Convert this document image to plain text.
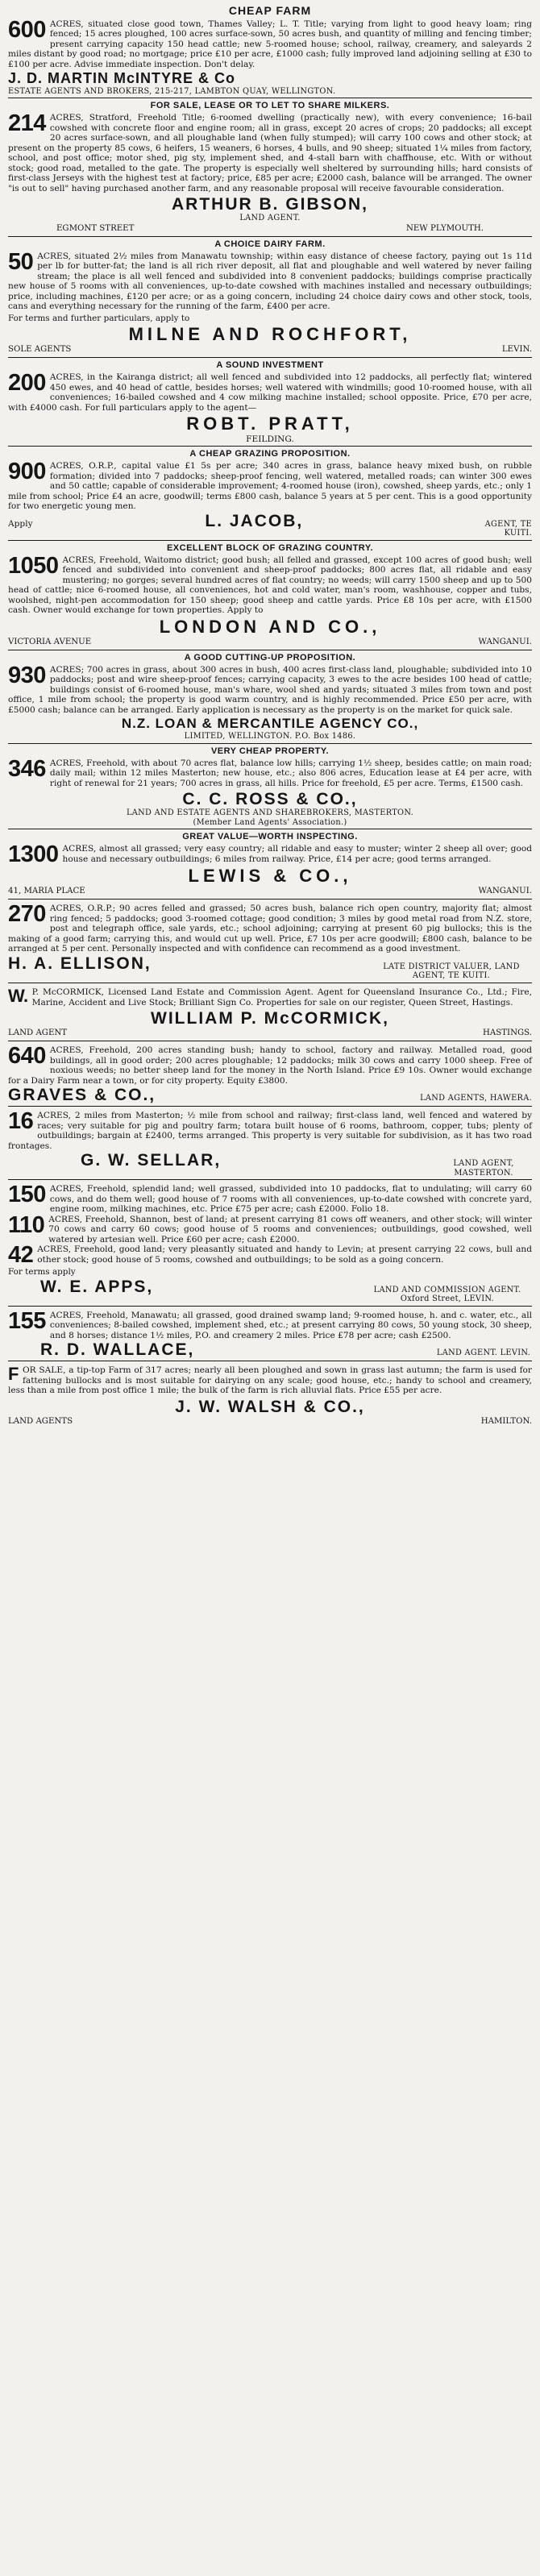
CHEAP FARM

600 ACRES, situated close good town, Thames Valley; L. T. Title; varying from light to good heavy loam; ring fenced; 15 acres ploughed, 100 acres surface-sown, 50 acres bush, and quantity of milling and fencing timber; present carrying capacity 150 head cattle; new 5-roomed house; school, railway, creamery, and saleyards 2 miles distant by good road; no mortgage; price £10 per acre, £1000 cash; fully improved land adjoining selling at £30 to £100 per acre. Advise immediate inspection. Don't delay.

J. D. MARTIN McINTYRE & Co
ESTATE AGENTS AND BROKERS, 215-217, LAMBTON QUAY, WELLINGTON.
FOR SALE, LEASE OR TO LET TO SHARE MILKERS.

214 ACRES, Stratford, Freehold Title; 6-roomed dwelling (practically new), with every convenience; 16-bail cowshed with concrete floor and engine room; all in grass, except 20 acres of crops; 20 paddocks; all except 20 acres surface-sown, and all ploughable land (when fully stumped); will carry 100 cows and other stock; at present on the property 85 cows, 6 heifers, 15 weaners, 6 horses, 4 bulls, and 90 sheep; situated 1¼ miles from factory, school, and post office; motor shed, pig sty, implement shed, and 4-stall barn with chaffhouse, etc. With or without stock; good road, metalled to the gate. The property is especially well sheltered by surrounding hills; hard consists of first-class Jerseys with the highest test at factory; price, £85 per acre; £2000 cash, balance will be arranged. The owner "is out to sell" having purchased another farm, and any reasonable proposal will receive favourable consideration.

ARTHUR B. GIBSON,
LAND AGENT.
EGMONT STREET	NEW PLYMOUTH.
A CHOICE DAIRY FARM.

50 ACRES, situated 2½ miles from Manawatu township; within easy distance of cheese factory, paying out 1s 11d per lb for butter-fat; the land is all rich river deposit, all flat and ploughable and well watered by never failing stream; the place is all well fenced and subdivided into 8 convenient paddocks; buildings comprise practically new house of 5 rooms with all conveniences, up-to-date cowshed with machines installed and necessary outbuildings; price, including machines, £120 per acre; or as a going concern, including 24 choice dairy cows and other stock, tools, cans and everything necessary for the running of the farm, £400 per acre.

For terms and further particulars, apply to
MILNE AND ROCHFORT,
SOLE AGENTS	LEVIN.
A SOUND INVESTMENT

200 ACRES, in the Kairanga district; all well fenced and subdivided into 12 paddocks, all perfectly flat; wintered 450 ewes, and 40 head of cattle, besides horses; well watered with windmills; good 10-roomed house, with all conveniences; 16-bailed cowshed and 4 cow milking machine installed; school opposite. Price, £70 per acre, with £4000 cash. For full particulars apply to the agent—

ROBT. PRATT,
FEILDING.
A CHEAP GRAZING PROPOSITION.

900 ACRES, O.R.P., capital value £1 5s per acre; 340 acres in grass, balance heavy mixed bush, on rubble formation; divided into 7 paddocks; sheep-proof fencing, well watered, metalled roads; can winter 300 ewes and 50 cattle; capable of considerable improvement; 4-roomed house (iron), cowshed, sheep yards, etc.; only 1 mile from school; Price £4 an acre, goodwill; terms £800 cash, balance 5 years at 5 per cent. This is a good opportunity for two energetic young men.

Apply	L. JACOB,	AGENT, TE KUITI.
EXCELLENT BLOCK OF GRAZING COUNTRY.

1050 ACRES, Freehold, Waitomo district; good bush; all felled and grassed, except 100 acres of good bush; well fenced and subdivided into convenient and sheep-proof paddocks; 800 acres flat, all ridable and easy mustering; no gorges; several hundred acres of flat country; no weeds; will carry 1500 sheep and up to 500 head of cattle; nice 6-roomed house, all conveniences, hot and cold water, man's room, washhouse, copper and tubs, woolshed, night-pen accommodation for 150 sheep; good sheep and cattle yards. Price £8 10s per acre, with £1500 cash. Owner would exchange for town properties. Apply to

LONDON AND CO.,
VICTORIA AVENUE	WANGANUI.
A GOOD CUTTING-UP PROPOSITION.

930 ACRES; 700 acres in grass, about 300 acres in bush, 400 acres first-class land, ploughable; subdivided into 10 paddocks; post and wire sheep-proof fences; carrying capacity, 3 ewes to the acre besides 100 head of cattle; buildings consist of 6-roomed house, man's whare, wool shed and yards; situated 3 miles from town and post office, 1 mile from school; the property is good warm country, and is highly recommended. Price £50 per acre, with £5000 cash; balance can be arranged. Early application is necessary as the property is on the market for quick sale.

N.Z. LOAN & MERCANTILE AGENCY CO.,
LIMITED, WELLINGTON. P.O. Box 1486.
VERY CHEAP PROPERTY.

346 ACRES, Freehold, with about 70 acres flat, balance low hills; carrying 1½ sheep, besides cattle; on main road; daily mail; within 12 miles Masterton; new house, etc.; also 806 acres, Education lease at £4 per acre, with right of renewal for 21 years; 700 acres in grass, all hills. Price for freehold, £5 per acre. Terms, £1500 cash.

C. C. ROSS & CO.,
LAND AND ESTATE AGENTS AND SHAREBROKERS, MASTERTON.
(Member Land Agents' Association.)
GREAT VALUE—WORTH INSPECTING.

1300 ACRES, almost all grassed; very easy country; all ridable and easy to muster; winter 2 sheep all over; good house and necessary outbuildings; 6 miles from railway. Price, £14 per acre; good terms arranged.

LEWIS & CO.,
41, MARIA PLACE	WANGANUI.

270 ACRES, O.R.P.; 90 acres felled and grassed; 50 acres bush, balance rich open country, majority flat; almost ring fenced; 5 paddocks; good 3-roomed cottage; good condition; 3 miles by good metal road from N.Z. store, post and telegraph office, sale yards, etc.; school adjoining; carrying at present 60 pig bullocks; this is the making of a good farm; carrying this, and would cut up well. Price, £7 10s per acre goodwill; £800 cash, balance to be arranged at 5 per cent. Personally inspected and with confidence can recommend as a good investment.

H. A. ELLISON,	LATE DISTRICT VALUER, LAND AGENT, TE KUITI.

W. P. McCORMICK, Licensed Land Estate and Commission Agent. Agent for Queensland Insurance Co., Ltd.; Fire, Marine, Accident and Live Stock; Brilliant Sign Co. Properties for sale on our register, Queen Street, Hastings.

WILLIAM P. McCORMICK,
LAND AGENT	HASTINGS.

640 ACRES, Freehold, 200 acres standing bush; handy to school, factory and railway. Metalled road, good buildings, all in good order; 200 acres ploughable; 12 paddocks; milk 30 cows and carry 1000 sheep. Free of noxious weeds; no better sheep land for the money in the North Island. Price £9 10s. Owner would exchange for a Dairy Farm near a town, or for city property. Equity £3800.

GRAVES & CO.,	LAND AGENTS, HAWERA.

16 ACRES, 2 miles from Masterton; ½ mile from school and railway; first-class land, well fenced and watered by races; very suitable for pig and poultry farm; totara built house of 6 rooms, bathroom, copper, tubs; plenty of outbuildings; bargain at £2400, terms arranged. This property is very suitable for subdivision, as it has two road frontages.

G. W. SELLAR,	LAND AGENT, MASTERTON.

150 ACRES, Freehold, splendid land; well grassed, subdivided into 10 paddocks, flat to undulating; will carry 60 cows, and do them well; good house of 7 rooms with all conveniences, up-to-date cowshed with concrete yard, engine room, milking machines, etc. Price £75 per acre; cash £2000. Folio 18.

110 ACRES, Freehold, Shannon, best of land; at present carrying 81 cows off weaners, and other stock; will winter 70 cows and carry 60 cows; good house of 5 rooms and conveniences; outbuildings, good cowshed, well watered by artesian well. Price £60 per acre; cash £2000.

42 ACRES, Freehold, good land; very pleasantly situated and handy to Levin; at present carrying 22 cows, bull and other stock; good house of 5 rooms, cowshed and outbuildings; to be sold as a going concern.

For terms apply
W. E. APPS,	LAND AND COMMISSION AGENT. Oxford Street, LEVIN.

155 ACRES, Freehold, Manawatu; all grassed, good drained swamp land; 9-roomed house, h. and c. water, etc., all conveniences; 8-bailed cowshed, implement shed, etc.; at present carrying 80 cows, 50 young stock, 30 sheep, and 8 horses; distance 1½ miles, P.O. and creamery 2 miles. Price £78 per acre; cash £2500.

R. D. WALLACE,	LAND AGENT. LEVIN.

FOR SALE, a tip-top Farm of 317 acres; nearly all been ploughed and sown in grass last autumn; the farm is used for fattening bullocks and is most suitable for dairying on any scale; good house, etc.; handy to school and creamery, less than a mile from post office 1 mile; the bulk of the farm is rich alluvial flats. Price £55 per acre.

J. W. WALSH & CO.,
LAND AGENTS	HAMILTON.
